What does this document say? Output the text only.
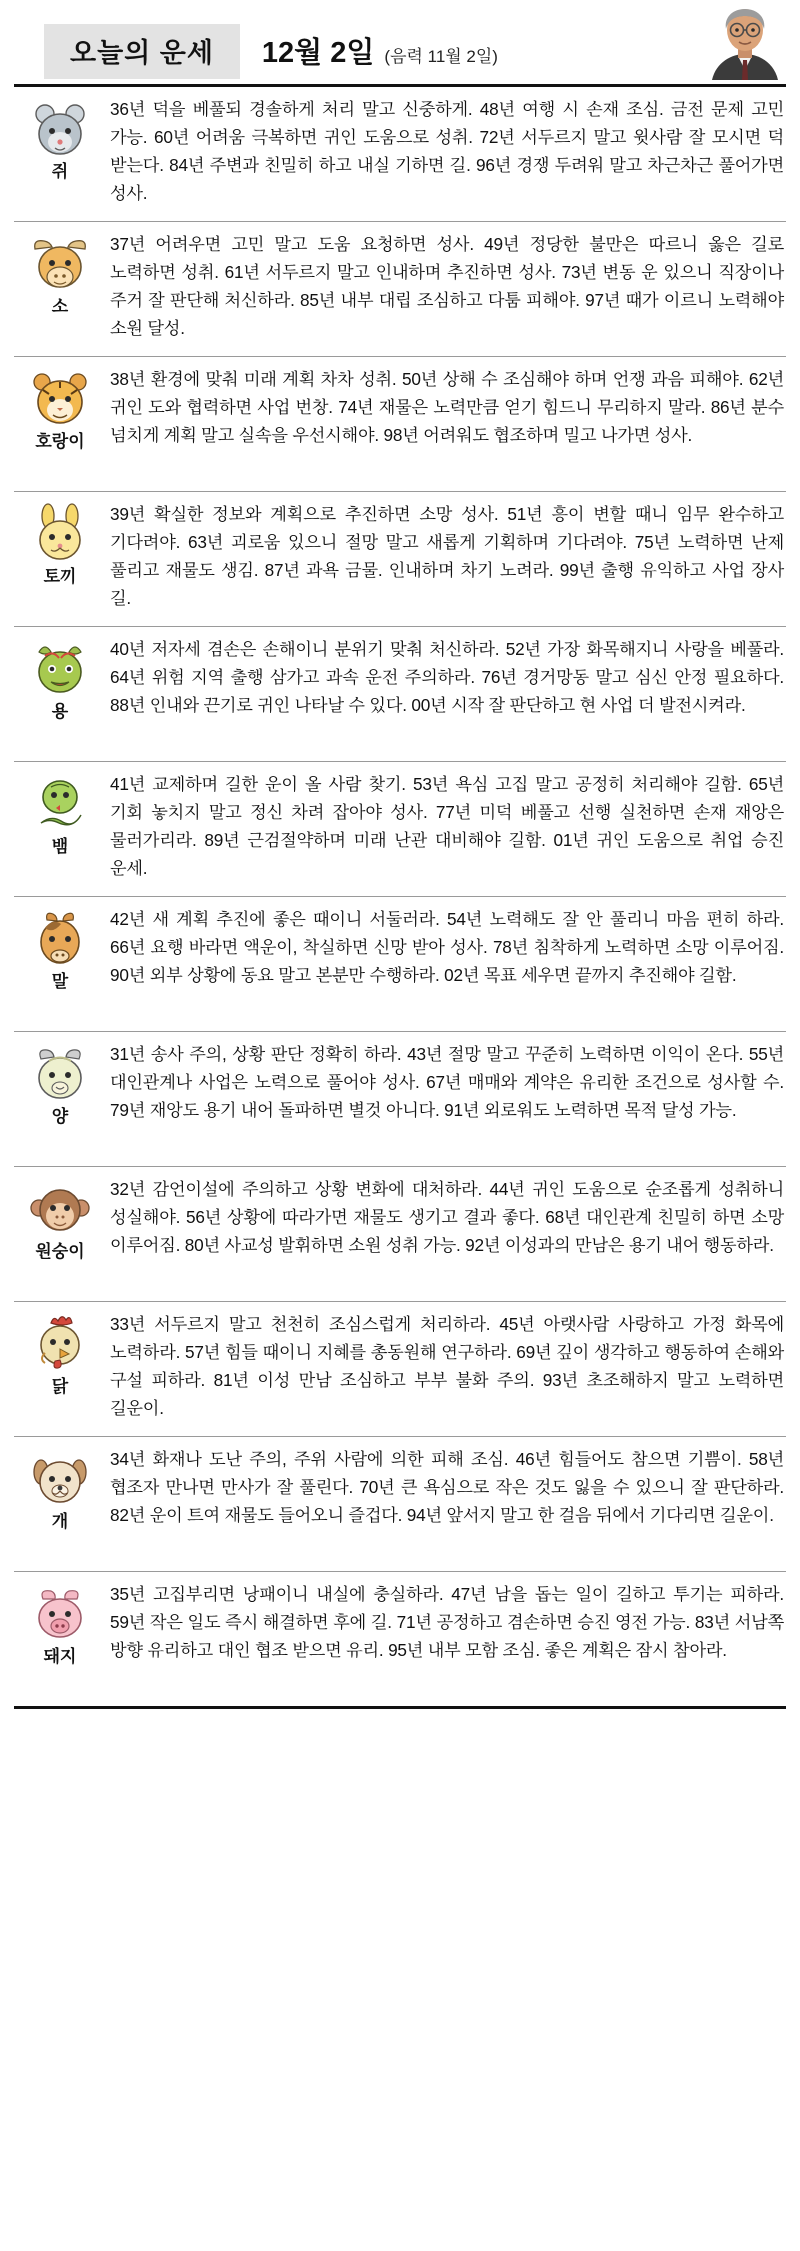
오늘의 운세	12월 2일 (음력 11월 2일)
쥐
36년 덕을 베풀되 경솔하게 처리 말고 신중하게. 48년 여행 시 손재 조심. 금전 문제 고민 가능. 60년 어려움 극복하면 귀인 도움으로 성취. 72년 서두르지 말고 윗사람 잘 모시면 덕 받는다. 84년 주변과 친밀히 하고 내실 기하면 길. 96년 경쟁 두려워 말고 차근차근 풀어가면 성사.
소
37년 어려우면 고민 말고 도움 요청하면 성사. 49년 정당한 불만은 따르니 옳은 길로 노력하면 성취. 61년 서두르지 말고 인내하며 추진하면 성사. 73년 변동 운 있으니 직장이나 주거 잘 판단해 처신하라. 85년 내부 대립 조심하고 다툼 피해야. 97년 때가 이르니 노력해야 소원 달성.
호랑이
38년 환경에 맞춰 미래 계획 차차 성취. 50년 상해 수 조심해야 하며 언쟁 과음 피해야. 62년 귀인 도와 협력하면 사업 번창. 74년 재물은 노력만큼 얻기 힘드니 무리하지 말라. 86년 분수 넘치게 계획 말고 실속을 우선시해야. 98년 어려워도 협조하며 밀고 나가면 성사.
토끼
39년 확실한 정보와 계획으로 추진하면 소망 성사. 51년 흥이 변할 때니 임무 완수하고 기다려야. 63년 괴로움 있으니 절망 말고 새롭게 기획하며 기다려야. 75년 노력하면 난제 풀리고 재물도 생김. 87년 과욕 금물. 인내하며 차기 노려라. 99년 출행 유익하고 사업 장사 길.
용
40년 저자세 겸손은 손해이니 분위기 맞춰 처신하라. 52년 가장 화목해지니 사랑을 베풀라. 64년 위험 지역 출행 삼가고 과속 운전 주의하라. 76년 경거망동 말고 심신 안정 필요하다. 88년 인내와 끈기로 귀인 나타날 수 있다. 00년 시작 잘 판단하고 현 사업 더 발전시켜라.
뱀
41년 교제하며 길한 운이 올 사람 찾기. 53년 욕심 고집 말고 공정히 처리해야 길함. 65년 기회 놓치지 말고 정신 차려 잡아야 성사. 77년 미덕 베풀고 선행 실천하면 손재 재앙은 물러가리라. 89년 근검절약하며 미래 난관 대비해야 길함. 01년 귀인 도움으로 취업 승진 운세.
말
42년 새 계획 추진에 좋은 때이니 서둘러라. 54년 노력해도 잘 안 풀리니 마음 편히 하라. 66년 요행 바라면 액운이, 착실하면 신망 받아 성사. 78년 침착하게 노력하면 소망 이루어짐. 90년 외부 상황에 동요 말고 본분만 수행하라. 02년 목표 세우면 끝까지 추진해야 길함.
양
31년 송사 주의, 상황 판단 정확히 하라. 43년 절망 말고 꾸준히 노력하면 이익이 온다. 55년 대인관계나 사업은 노력으로 풀어야 성사. 67년 매매와 계약은 유리한 조건으로 성사할 수. 79년 재앙도 용기 내어 돌파하면 별것 아니다. 91년 외로워도 노력하면 목적 달성 가능.
원숭이
32년 감언이설에 주의하고 상황 변화에 대처하라. 44년 귀인 도움으로 순조롭게 성취하니 성실해야. 56년 상황에 따라가면 재물도 생기고 결과 좋다. 68년 대인관계 친밀히 하면 소망 이루어짐. 80년 사교성 발휘하면 소원 성취 가능. 92년 이성과의 만남은 용기 내어 행동하라.
닭
33년 서두르지 말고 천천히 조심스럽게 처리하라. 45년 아랫사람 사랑하고 가정 화목에 노력하라. 57년 힘들 때이니 지혜를 총동원해 연구하라. 69년 깊이 생각하고 행동하여 손해와 구설 피하라. 81년 이성 만남 조심하고 부부 불화 주의. 93년 초조해하지 말고 노력하면 길운이.
개
34년 화재나 도난 주의, 주위 사람에 의한 피해 조심. 46년 힘들어도 참으면 기쁨이. 58년 협조자 만나면 만사가 잘 풀린다. 70년 큰 욕심으로 작은 것도 잃을 수 있으니 잘 판단하라. 82년 운이 트여 재물도 들어오니 즐겁다. 94년 앞서지 말고 한 걸음 뒤에서 기다리면 길운이.
돼지
35년 고집부리면 낭패이니 내실에 충실하라. 47년 남을 돕는 일이 길하고 투기는 피하라. 59년 작은 일도 즉시 해결하면 후에 길. 71년 공정하고 겸손하면 승진 영전 가능. 83년 서남쪽 방향 유리하고 대인 협조 받으면 유리. 95년 내부 모함 조심. 좋은 계획은 잠시 참아라.
